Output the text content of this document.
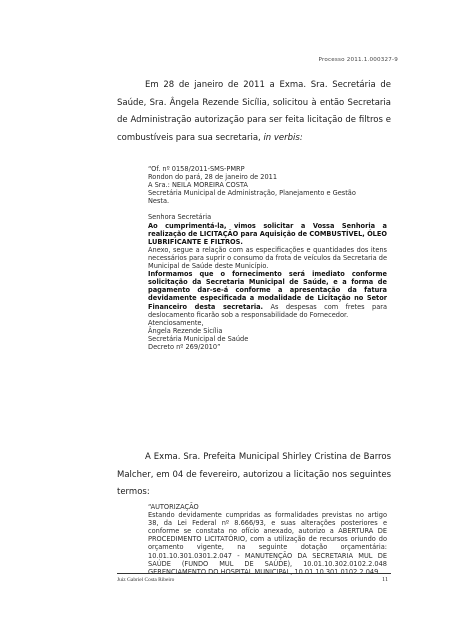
Processo 2011.1.000327-9
Em 28 de janeiro de 2011 a Exma. Sra. Secretária de Saúde, Sra. Ângela Rezende Sicília, solicitou à então Secretaria de Administração autorização para ser feita licitação de filtros e combustíveis para sua secretaria, in verbis:
“Of. nº 0158/2011-SMS-PMRP
Rondon do pará, 28 de janeiro de 2011
A Sra.: NEILA MOREIRA COSTA
Secretária Municipal de Administração, Planejamento e Gestão
Nesta.
Senhora Secretária
Ao cumprimentá-la, vimos solicitar a Vossa Senhoria a realização de LICITAÇÃO para Aquisição de COMBUSTÍVEL, ÓLEO LUBRIFICANTE E FILTROS.
Anexo, segue a relação com as especificações e quantidades dos itens necessários para suprir o consumo da frota de veículos da Secretaria de Municipal de Saúde deste Município.
Informamos que o fornecimento será imediato conforme solicitação da Secretaria Municipal de Saúde, e a forma de pagamento dar-se-á conforme a apresentação da fatura devidamente especificada a modalidade de Licitação no Setor Financeiro desta secretaria. As despesas com fretes para deslocamento ficarão sob a responsabilidade do Fornecedor.
Atenciosamente,
Ângela Rezende Sicília
Secretária Municipal de Saúde
Decreto nº 269/2010”
A Exma. Sra. Prefeita Municipal Shirley Cristina de Barros Malcher, em 04 de fevereiro, autorizou a licitação nos seguintes termos:
“AUTORIZAÇÃO
Estando devidamente cumpridas as formalidades previstas no artigo 38, da Lei Federal nº 8.666/93, e suas alterações posteriores e conforme se constata no ofício anexado, autorizo a ABERTURA DE PROCEDIMENTO LICITATÓRIO, com a utilização de recursos oriundo do orçamento vigente, na seguinte dotação orçamentária: 10.01.10.301.0301.2.047 - MANUTENÇÃO DA SECRETARIA MUL DE SAÚDE (FUNDO MUL DE SAÚDE), 10.01.10.302.0102.2.048 GERENCIAMENTO DO HOSPITAL MUNICIPAL, 10.01.10.301.0102.2.049
Juiz Gabriel Costa Ribeiro	11
